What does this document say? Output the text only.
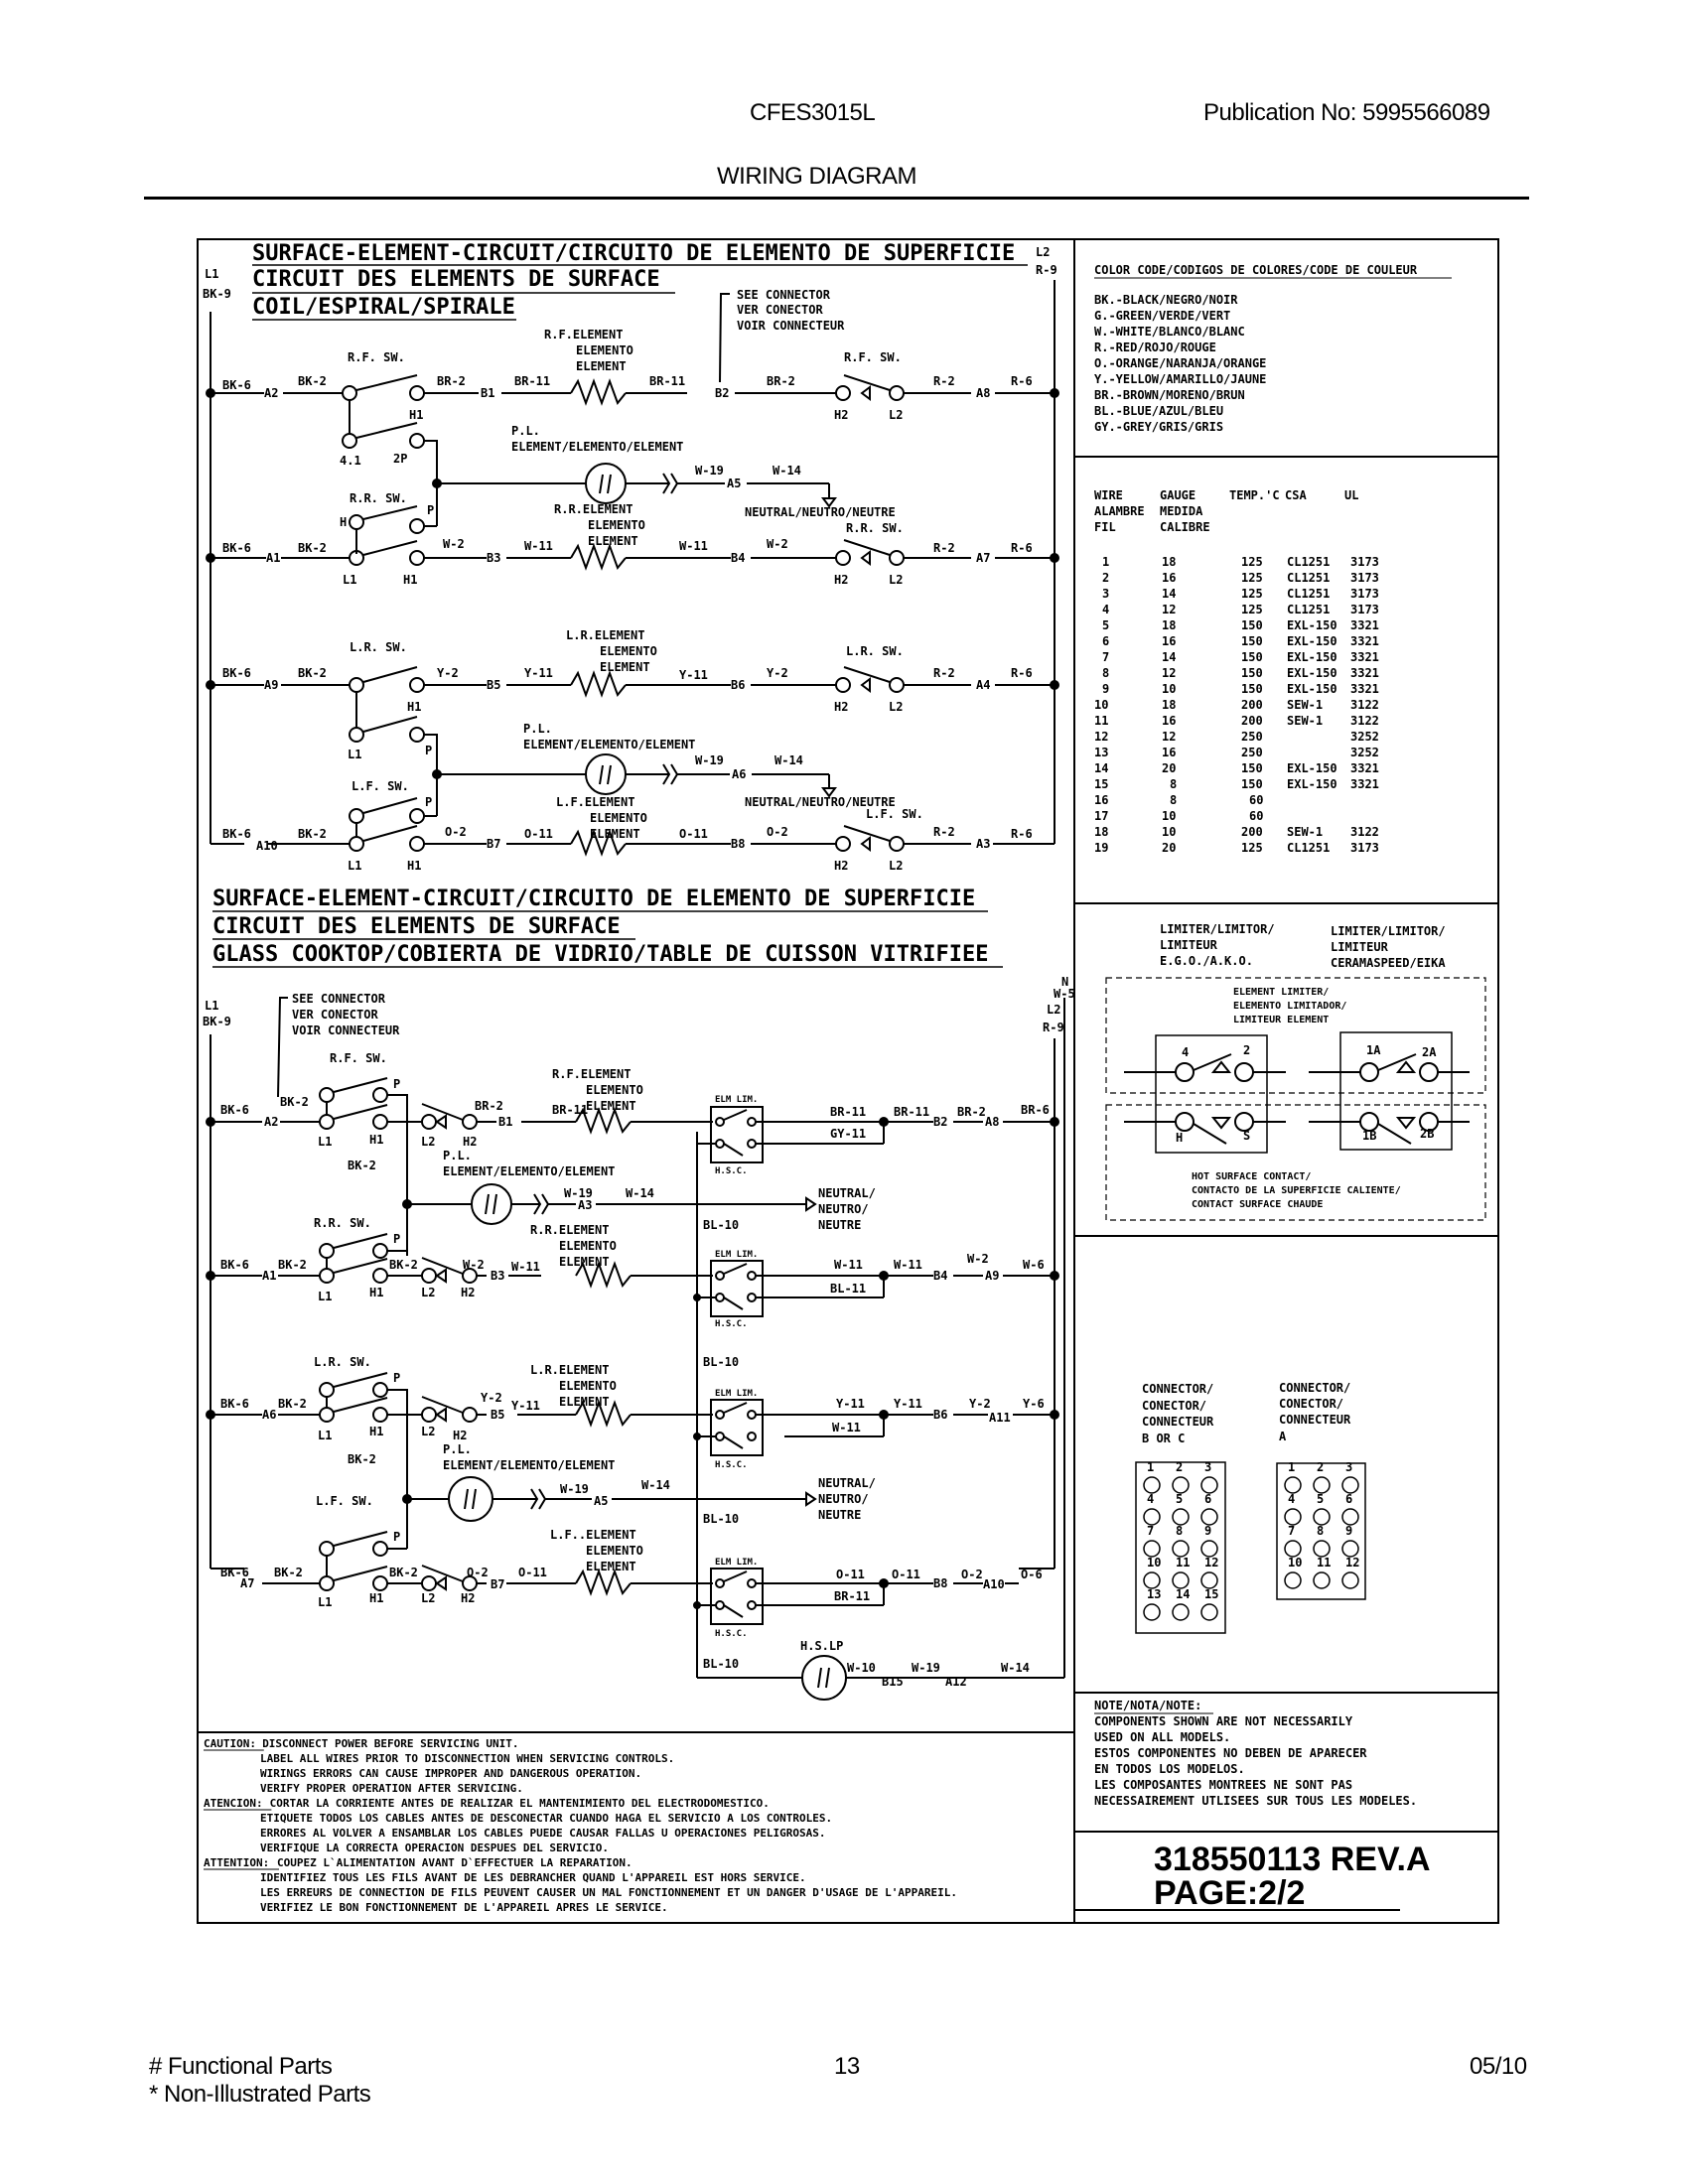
CFES3015L	Publication No: 5995566089
WIRING DIAGRAM
SURFACE-ELEMENT-CIRCUIT/CIRCUITO DE ELEMENTO DE SUPERFICIE
CIRCUIT DES ELEMENTS DE SURFACE
COIL/ESPIRAL/SPIRALE
L1
BK-9
L2
R-9
SEE CONNECTOR
VER CONECTOR
VOIR CONNECTEUR
BK-6
A2
BK-2
R.F. SW.
BR-2
B1
BR-11
R.F.ELEMENT
ELEMENTO
ELEMENT
BR-11
B2
BR-2
R.F. SW.
H2	L2
R-2
A8
R-6
H1
4.1	2P
P.L.
ELEMENT/ELEMENTO/ELEMENT
W-19
A5
W-14
NEUTRAL/NEUTRO/NEUTRE
BK-6
A1
BK-2
R.R. SW.
H
P
W-2
B3
W-11
R.R.ELEMENT
ELEMENTO
ELEMENT	W-11
B4
W-2
R.R. SW.
L1	H1	H2	L2
R-2
A7
R-6
BK-6
A9
BK-2
L.R. SW.
Y-2
B5
Y-11
L.R.ELEMENT
ELEMENTO
ELEMENT
Y-11
B6
Y-2
L.R. SW.
H2	L2
R-2
A4
R-6
H1
L1	P
P.L.
ELEMENT/ELEMENTO/ELEMENT
W-19
A6
W-14
NEUTRAL/NEUTRO/NEUTRE
BK-6
A10
BK-2
L.F. SW.
P
O-2
B7
O-11
L.F.ELEMENT
ELEMENTO
ELEMENT	O-11
B8
O-2
L.F. SW.
L1	H1	H2	L2
R-2
A3
R-6
SURFACE-ELEMENT-CIRCUIT/CIRCUITO DE ELEMENTO DE SUPERFICIE
CIRCUIT DES ELEMENTS DE SURFACE
GLASS COOKTOP/COBIERTA DE VIDRIO/TABLE DE CUISSON VITRIFIEE
L1
BK-9
N
W-5
L2
R-9
SEE CONNECTOR
VER CONECTOR
VOIR CONNECTEUR
H.S.LP
W-10
B15
W-19
A12
W-14
BL-10
BL-10
BL-10
BL-10
BK-6
A2
BK-2
R.F. SW.
P
L1	H1	L2 H2
BK-2
BR-2
B1
BR-11
R.F.ELEMENT
ELEMENTO
ELEMENT	ELM LIM.
H.S.C.
BR-11
GY-11
BR-11
B2
BR-2
A8
BR-6
P.L.
ELEMENT/ELEMENTO/ELEMENT
W-19
A3
W-14	NEUTRAL/
NEUTRO/
NEUTRE
BK-6
A1
BK-2
R.R. SW.
P
L1	H1	L2 H2
BK-2	W-2
B3
W-11
R.R.ELEMENT
ELEMENTO
ELEMENT	ELM LIM.
H.S.C.
W-11
BL-11
W-11
B4
W-2
A9
W-6
BK-6
A6
BK-2
L.R. SW.
P
L1	H1	L2 H2
BK-2
Y-2
B5
Y-11
L.R.ELEMENT
ELEMENTO
ELEMENT
ELM LIM.
H.S.C.
Y-11
W-11
Y-11
B6
Y-2
A11
Y-6
P.L.
ELEMENT/ELEMENTO/ELEMENT
W-19
A5
W-14	NEUTRAL/
NEUTRO/
NEUTRE
BK-6
A7
BK-2
L.F. SW.
P
L1	H1	L2 H2
BK-2	O-2
B7
O-11
L.F..ELEMENT
ELEMENTO
ELEMENT	ELM LIM.
H.S.C.
O-11
BR-11
O-11
B8
O-2
A10
O-6
COLOR CODE/CODIGOS DE COLORES/CODE DE COULEUR
BK.-BLACK/NEGRO/NOIR
G.-GREEN/VERDE/VERT
W.-WHITE/BLANCO/BLANC
R.-RED/ROJO/ROUGE
O.-ORANGE/NARANJA/ORANGE
Y.-YELLOW/AMARILLO/JAUNE
BR.-BROWN/MORENO/BRUN
BL.-BLUE/AZUL/BLEU
GY.-GREY/GRIS/GRIS
WIRE	GAUGE	TEMP.'C CSA	UL
ALAMBRE MEDIDA
FIL	CALIBRE
1	18	125 CL1251 3173
2	16	125 CL1251 3173
3	14	125 CL1251 3173
4	12	125 CL1251 3173
5	18	150 EXL-150 3321
6	16	150 EXL-150 3321
7	14	150 EXL-150 3321
8	12	150 EXL-150 3321
9	10	150 EXL-150 3321
10	18	200 SEW-1 3122
11	16	200 SEW-1 3122
12	12	250	3252
13	16	250	3252
14	20	150 EXL-150 3321
15	8	150 EXL-150 3321
16	8	60
17	10	60
18	10	200 SEW-1 3122
19	20	125 CL1251 3173
LIMITER/LIMITOR/
LIMITEUR
E.G.O./A.K.O.
LIMITER/LIMITOR/
LIMITEUR
CERAMASPEED/EIKA
ELEMENT LIMITER/
ELEMENTO LIMITADOR/
LIMITEUR ELEMENT
HOT SURFACE CONTACT/
CONTACTO DE LA SUPERFICIE CALIENTE/
CONTACT SURFACE CHAUDE
4	2
H	S
1A	2A
1B	2B
CONNECTOR/
CONECTOR/
CONNECTEUR
B OR C
CONNECTOR/
CONECTOR/
CONNECTEUR
A
1 2 3
4 5 6
7 8 9
10 11 12
13 14 15
1 2 3
4 5 6
7 8 9
10 11 12
NOTE/NOTA/NOTE:
COMPONENTS SHOWN ARE NOT NECESSARILY
USED ON ALL MODELS.
ESTOS COMPONENTES NO DEBEN DE APARECER
EN TODOS LOS MODELOS.
LES COMPOSANTES MONTREES NE SONT PAS
NECESSAIREMENT UTLISEES SUR TOUS LES MODELES.
318550113 REV.A
PAGE:2/2
CAUTION: DISCONNECT POWER BEFORE SERVICING UNIT.
LABEL ALL WIRES PRIOR TO DISCONNECTION WHEN SERVICING CONTROLS.
WIRINGS ERRORS CAN CAUSE IMPROPER AND DANGEROUS OPERATION.
VERIFY PROPER OPERATION AFTER SERVICING.
ATENCION: CORTAR LA CORRIENTE ANTES DE REALIZAR EL MANTENIMIENTO DEL ELECTRODOMESTICO.
ETIQUETE TODOS LOS CABLES ANTES DE DESCONECTAR CUANDO HAGA EL SERVICIO A LOS CONTROLES.
ERRORES AL VOLVER A ENSAMBLAR LOS CABLES PUEDE CAUSAR FALLAS U OPERACIONES PELIGROSAS.
VERIFIQUE LA CORRECTA OPERACION DESPUES DEL SERVICIO.
ATTENTION: COUPEZ L`ALIMENTATION AVANT D`EFFECTUER LA REPARATION.
IDENTIFIEZ TOUS LES FILS AVANT DE LES DEBRANCHER QUAND L'APPAREIL EST HORS SERVICE.
LES ERREURS DE CONNECTION DE FILS PEUVENT CAUSER UN MAL FONCTIONNEMENT ET UN DANGER D'USAGE DE L'APPAREIL.
VERIFIEZ LE BON FONCTIONNEMENT DE L'APPAREIL APRES LE SERVICE.
# Functional Parts
* Non-Illustrated Parts
13	05/10
